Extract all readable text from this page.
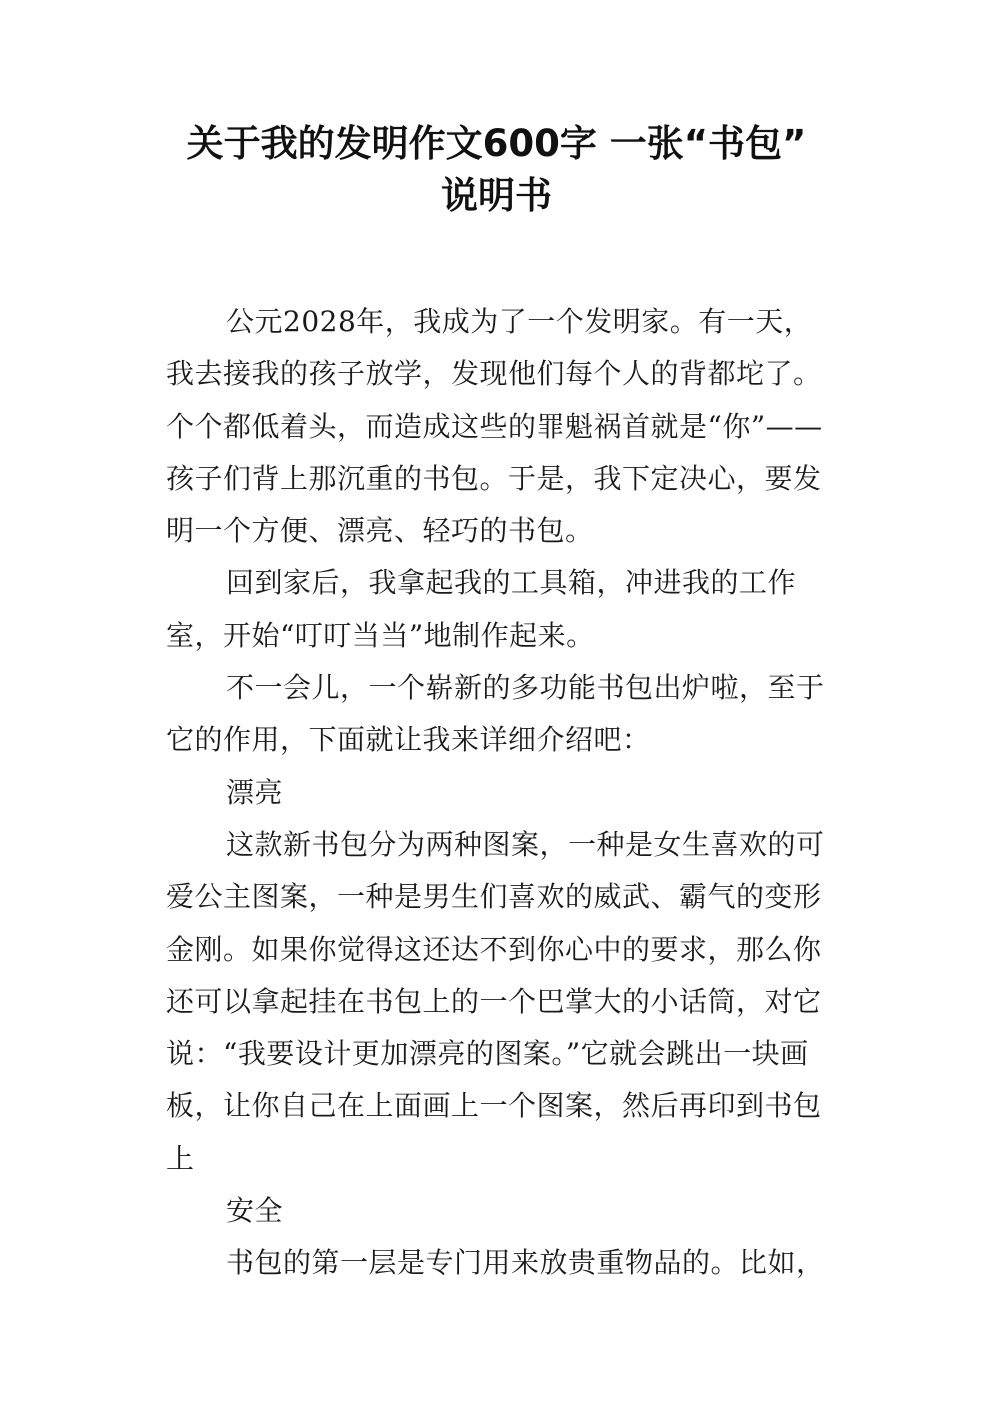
关于我的发明作文600字 一张“书包”
说明书

公元2028年，我成为了一个发明家。有一天，我去接我的孩子放学，发现他们每个人的背都坨了。个个都低着头，而造成这些的罪魁祸首就是“你”——孩子们背上那沉重的书包。于是，我下定决心，要发明一个方便、漂亮、轻巧的书包。

回到家后，我拿起我的工具箱，冲进我的工作室，开始“叮叮当当”地制作起来。

不一会儿，一个崭新的多功能书包出炉啦，至于它的作用，下面就让我来详细介绍吧：

漂亮

这款新书包分为两种图案，一种是女生喜欢的可爱公主图案，一种是男生们喜欢的威武、霸气的变形金刚。如果你觉得这还达不到你心中的要求，那么你还可以拿起挂在书包上的一个巴掌大的小话筒，对它说：“我要设计更加漂亮的图案。”它就会跳出一块画板，让你自己在上面画上一个图案，然后再印到书包上

安全

书包的第一层是专门用来放贵重物品的。比如，
